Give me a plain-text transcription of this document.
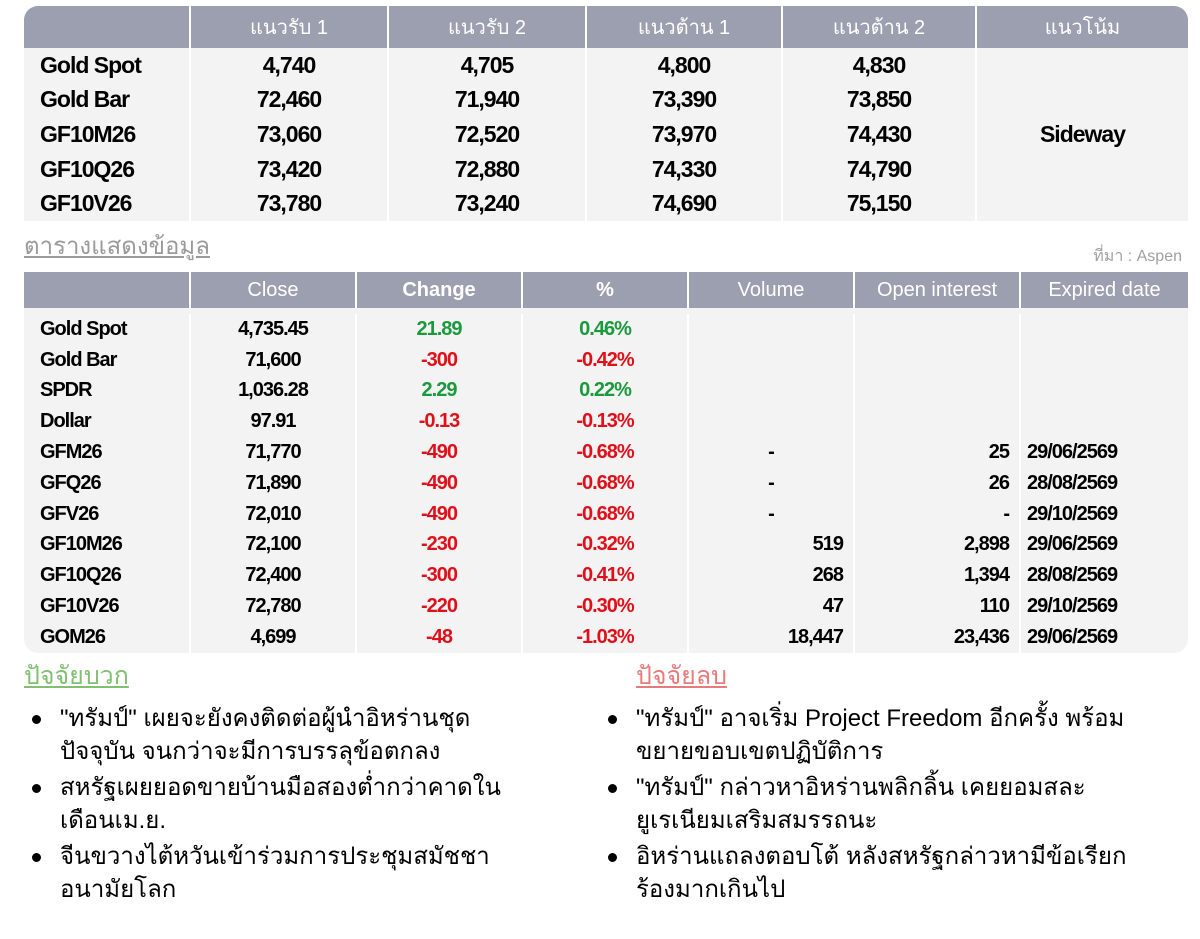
	แนวรับ 1	แนวรับ 2	แนวต้าน 1	แนวต้าน 2	แนวโน้ม
Gold Spot	4,740	4,705	4,800	4,830	Sideway
Gold Bar	72,460	71,940	73,390	73,850	
GF10M26	73,060	72,520	73,970	74,430	
GF10Q26	73,420	72,880	74,330	74,790	
GF10V26	73,780	73,240	74,690	75,150	
ตารางแสดงข้อมูล	ที่มา : Aspen
	Close	Change	%	Volume	Open interest	Expired date

Gold Spot	4,735.45	21.89	0.46%			
Gold Bar	71,600	-300	-0.42%			
SPDR	1,036.28	2.29	0.22%			
Dollar	97.91	-0.13	-0.13%			
GFM26	71,770	-490	-0.68%	-	25	29/06/2569
GFQ26	71,890	-490	-0.68%	-	26	28/08/2569
GFV26	72,010	-490	-0.68%	-	-	29/10/2569
GF10M26	72,100	-230	-0.32%	519	2,898	29/06/2569
GF10Q26	72,400	-300	-0.41%	268	1,394	28/08/2569
GF10V26	72,780	-220	-0.30%	47	110	29/10/2569
GOM26	4,699	-48	-1.03%	18,447	23,436	29/06/2569
ปัจจัยบวก
"ทรัมป์" เผยจะยังคงติดต่อผู้นำอิหร่านชุดปัจจุบัน จนกว่าจะมีการบรรลุข้อตกลง
สหรัฐเผยยอดขายบ้านมือสองต่ำกว่าคาดในเดือนเม.ย.
จีนขวางไต้หวันเข้าร่วมการประชุมสมัชชาอนามัยโลก
ปัจจัยลบ
"ทรัมป์" อาจเริ่ม Project Freedom อีกครั้ง พร้อมขยายขอบเขตปฏิบัติการ
"ทรัมป์" กล่าวหาอิหร่านพลิกลิ้น เคยยอมสละยูเรเนียมเสริมสมรรถนะ
อิหร่านแถลงตอบโต้ หลังสหรัฐกล่าวหามีข้อเรียกร้องมากเกินไป
